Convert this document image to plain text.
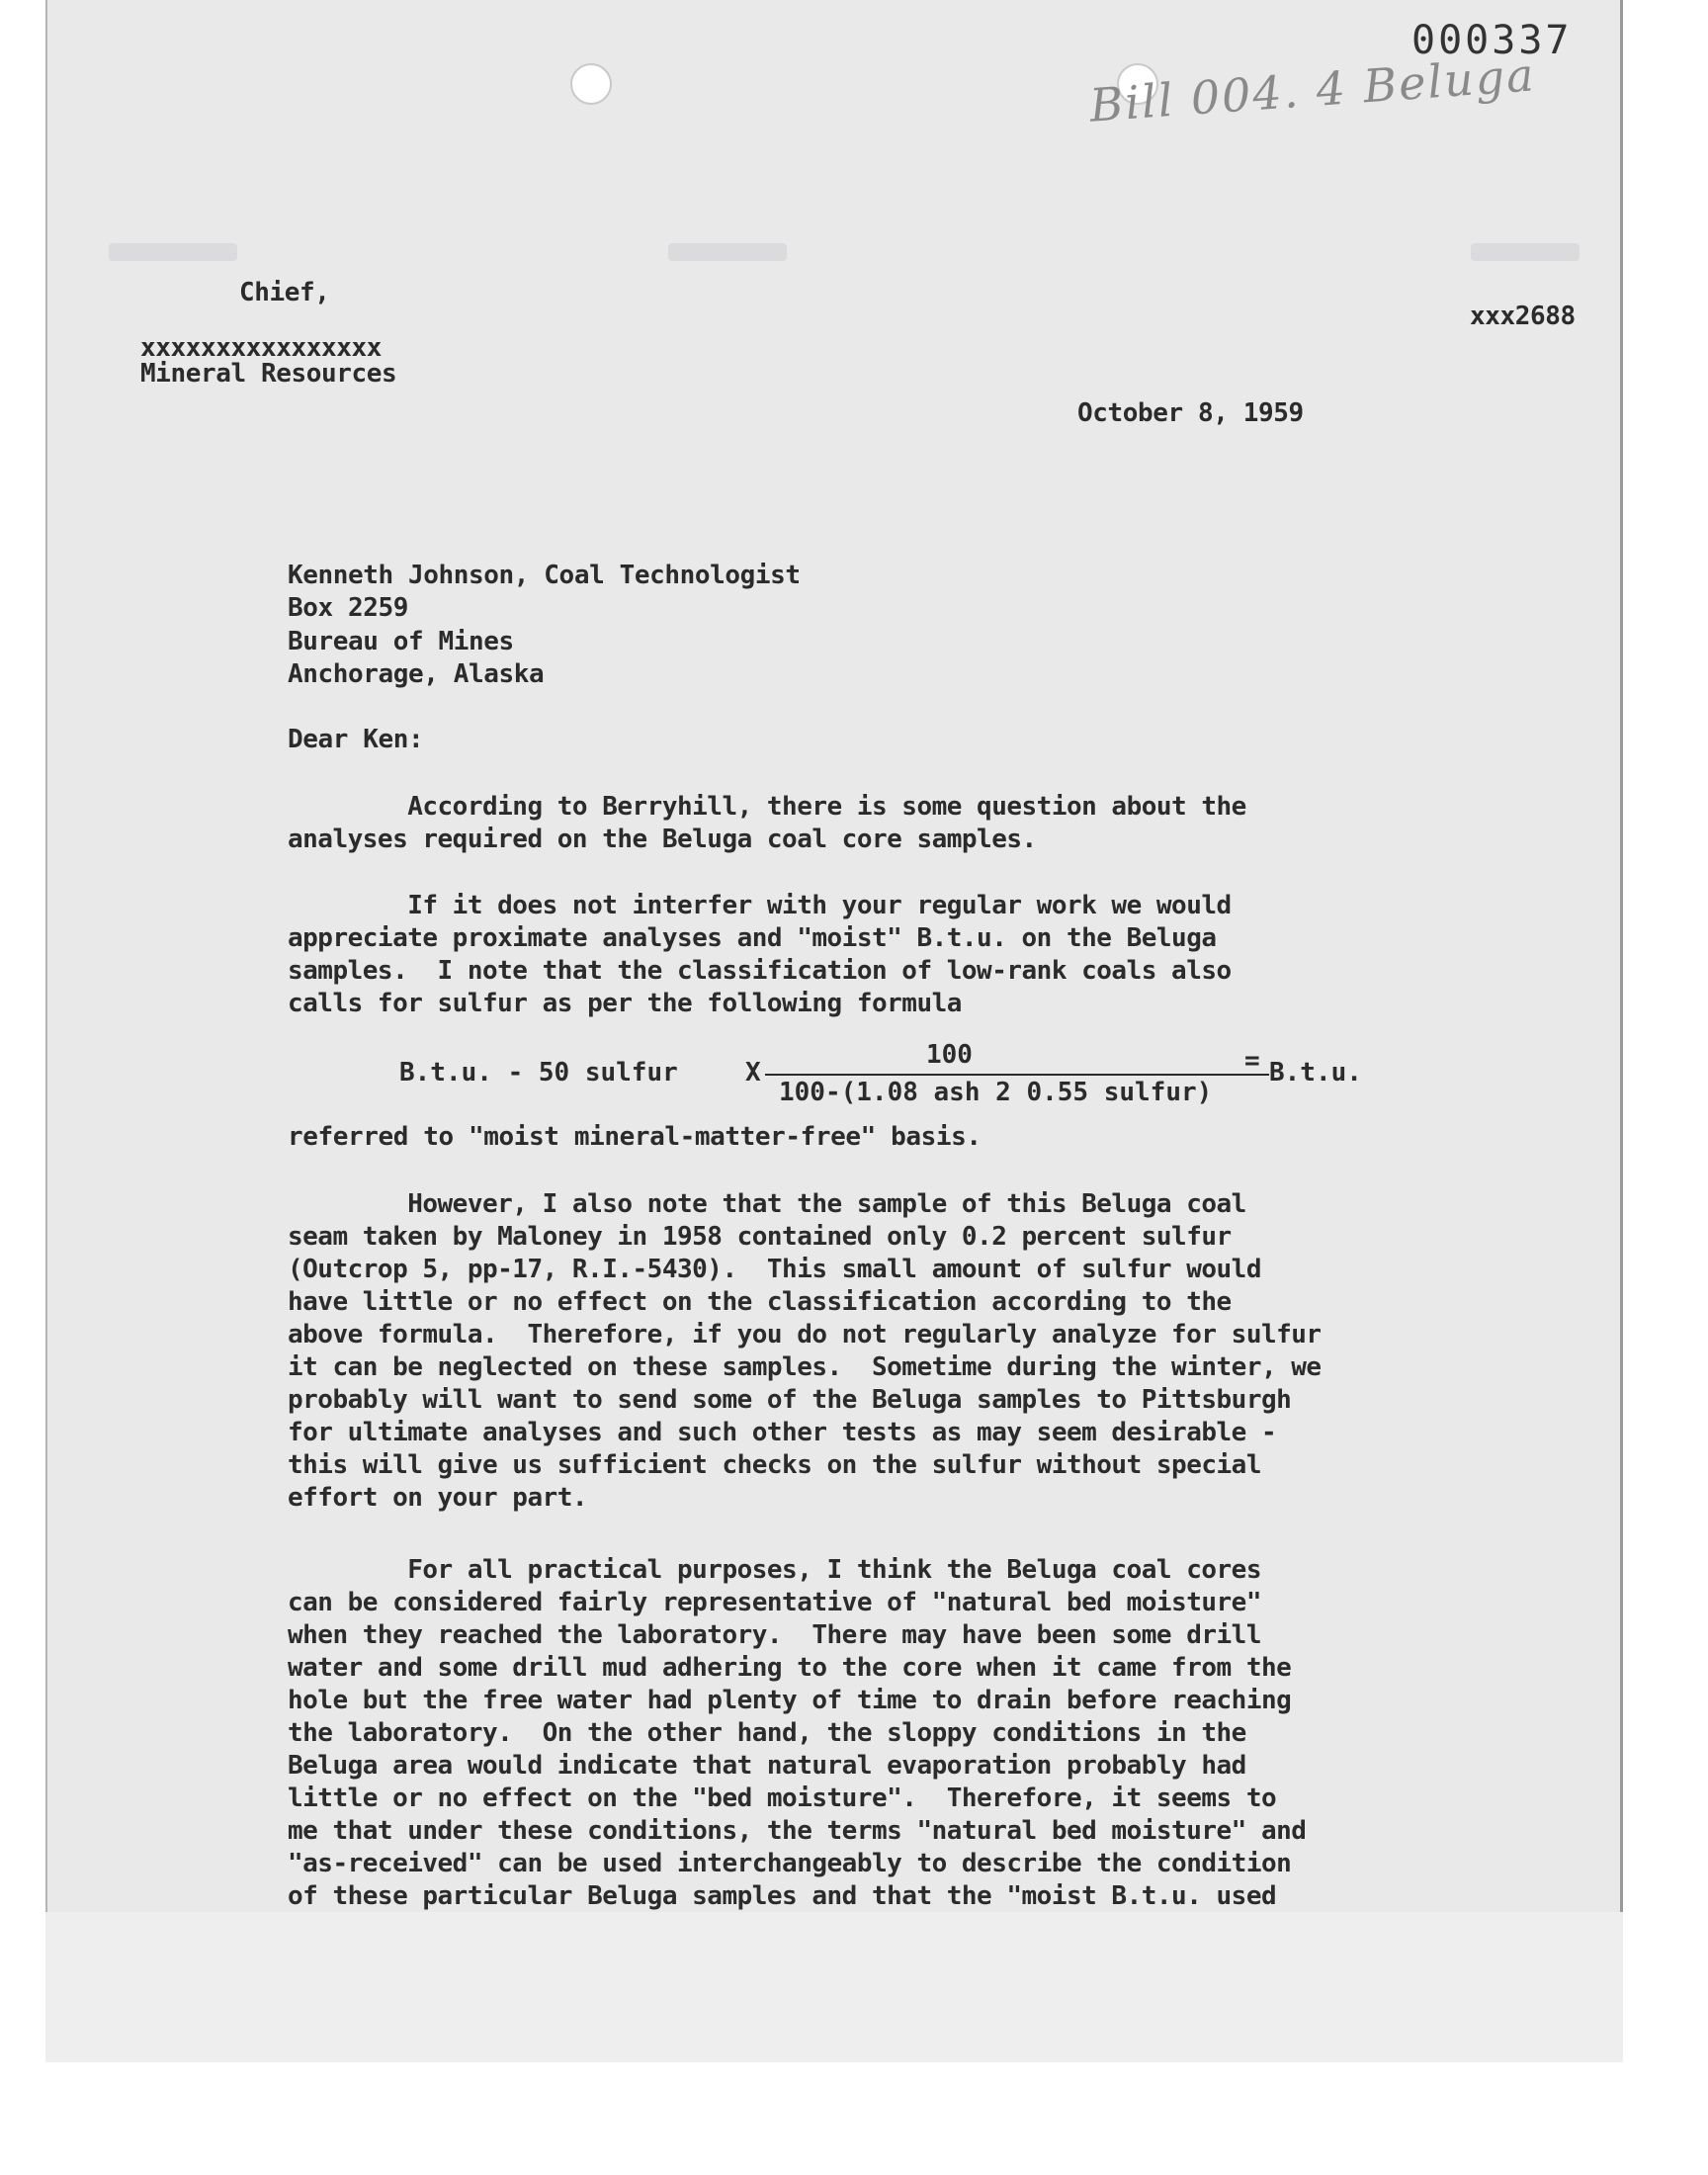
000337
Bill 004. 4 Beluga
Chief,
xxx2688
xxxxxxxxxxxxxxxx
Mineral Resources
October 8, 1959
Kenneth Johnson, Coal Technologist
Box 2259
Bureau of Mines
Anchorage, Alaska
Dear Ken:
According to Berryhill, there is some question about the
analyses required on the Beluga coal core samples.
If it does not interfer with your regular work we would
appreciate proximate analyses and "moist" B.t.u. on the Beluga
samples.  I note that the classification of low-rank coals also
calls for sulfur as per the following formula
B.t.u. - 50 sulfur	X
100
100-(1.08 ash 2 0.55 sulfur)
= B.t.u.
referred to "moist mineral-matter-free" basis.
However, I also note that the sample of this Beluga coal
seam taken by Maloney in 1958 contained only 0.2 percent sulfur
(Outcrop 5, pp-17, R.I.-5430).  This small amount of sulfur would
have little or no effect on the classification according to the
above formula.  Therefore, if you do not regularly analyze for sulfur
it can be neglected on these samples.  Sometime during the winter, we
probably will want to send some of the Beluga samples to Pittsburgh
for ultimate analyses and such other tests as may seem desirable -
this will give us sufficient checks on the sulfur without special
effort on your part.
For all practical purposes, I think the Beluga coal cores
can be considered fairly representative of "natural bed moisture"
when they reached the laboratory.  There may have been some drill
water and some drill mud adhering to the core when it came from the
hole but the free water had plenty of time to drain before reaching
the laboratory.  On the other hand, the sloppy conditions in the
Beluga area would indicate that natural evaporation probably had
little or no effect on the "bed moisture".  Therefore, it seems to
me that under these conditions, the terms "natural bed moisture" and
"as-received" can be used interchangeably to describe the condition
of these particular Beluga samples and that the "moist B.t.u. used
